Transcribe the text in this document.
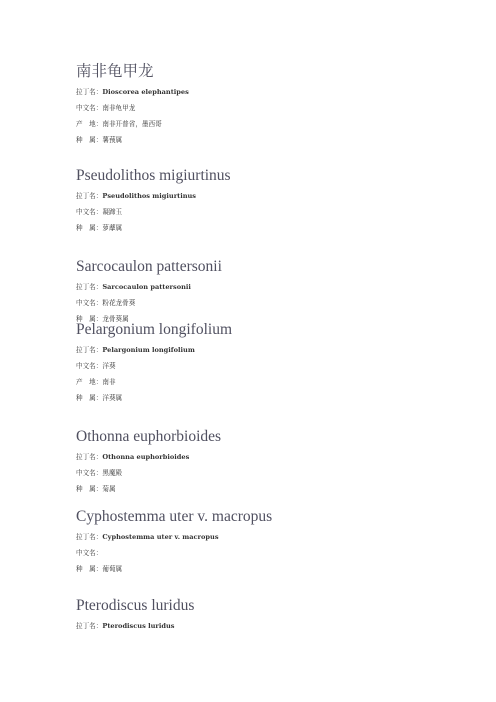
南非龟甲龙
拉丁名： Dioscorea elephantipes
中文名： 南非龟甲龙
产　地： 南非开普省，墨西哥
种　属： 薯蓣属
Pseudolithos migiurtinus
拉丁名： Pseudolithos migiurtinus
中文名： 凝蹄玉
种　属： 萝藦属
Sarcocaulon pattersonii
拉丁名： Sarcocaulon pattersonii
中文名： 粉花龙骨葵
种　属： 龙骨葵属
Pelargonium longifolium
拉丁名： Pelargonium longifolium
中文名： 洋葵
产　地： 南非
种　属： 洋葵属
Othonna euphorbioides
拉丁名： Othonna euphorbioides
中文名： 黑魔殿
种　属： 菊属
Cyphostemma uter v. macropus
拉丁名： Cyphostemma uter v. macropus
中文名：
种　属： 葡萄属
Pterodiscus luridus
拉丁名： Pterodiscus luridus
